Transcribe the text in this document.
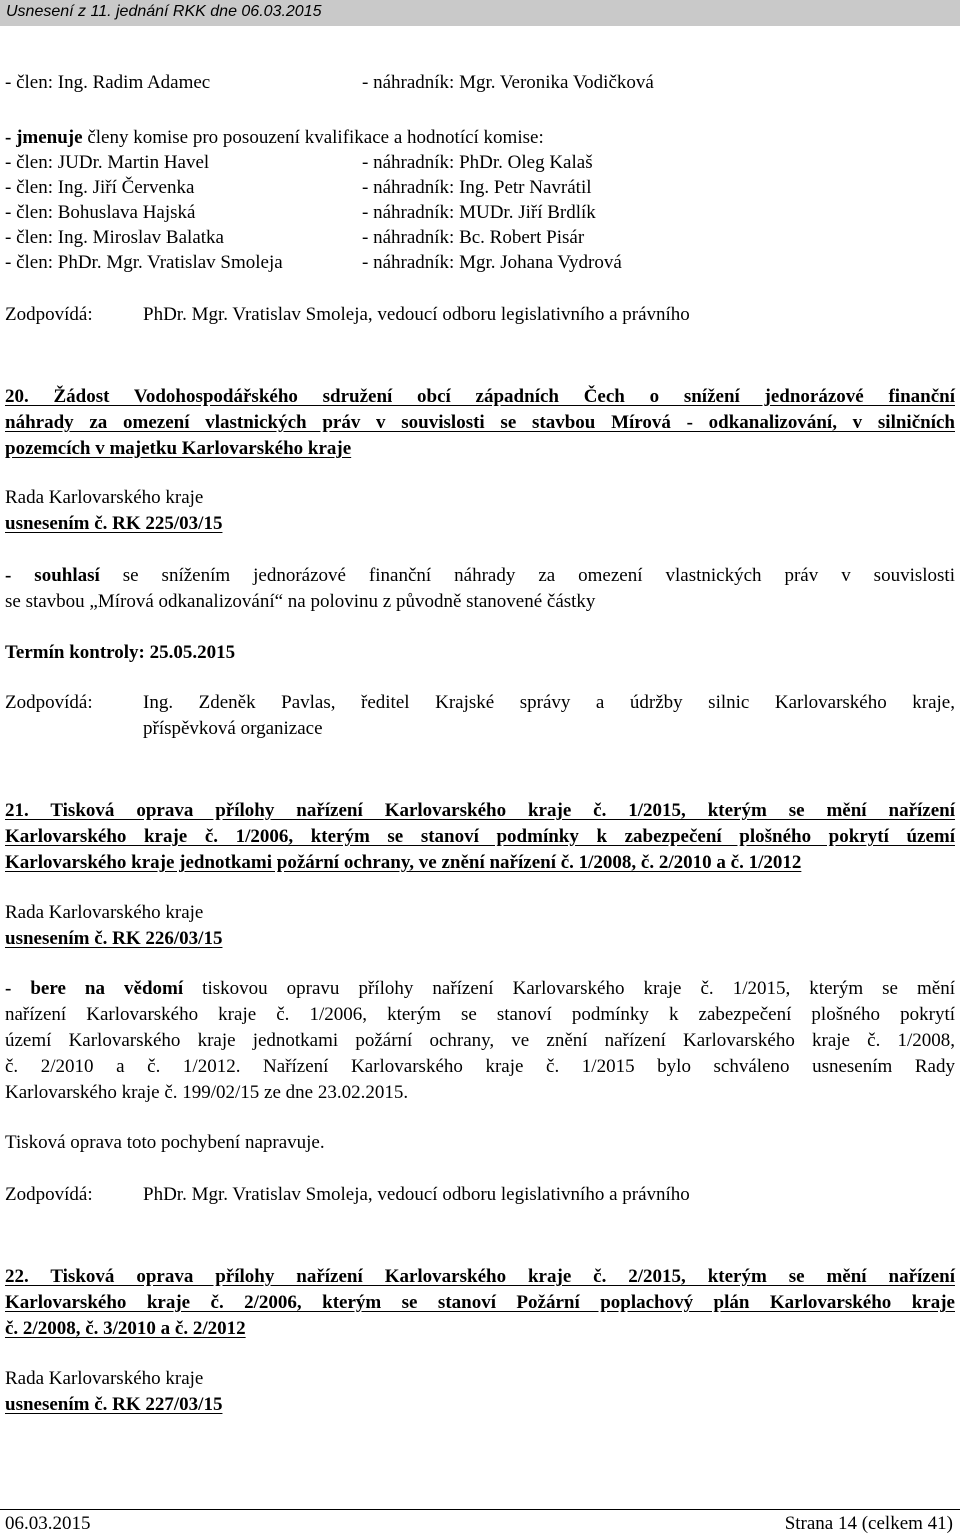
Usnesení z 11. jednání RKK dne 06.03.2015
- člen: Ing. Radim Adamec	- náhradník: Mgr. Veronika Vodičková
- jmenuje členy komise pro posouzení kvalifikace a hodnotící komise:
- člen: JUDr. Martin Havel	- náhradník: PhDr. Oleg Kalaš
- člen: Ing. Jiří Červenka	- náhradník: Ing. Petr Navrátil
- člen: Bohuslava Hajská	- náhradník: MUDr. Jiří Brdlík
- člen: Ing. Miroslav Balatka	- náhradník: Bc. Robert Pisár
- člen: PhDr. Mgr. Vratislav Smoleja	- náhradník: Mgr. Johana Vydrová
Zodpovídá:	PhDr. Mgr. Vratislav Smoleja, vedoucí odboru legislativního a právního
20. Žádost Vodohospodářského sdružení obcí západních Čech o snížení jednorázové finanční
náhrady za omezení vlastnických práv v souvislosti se stavbou Mírová - odkanalizování, v silničních
pozemcích v majetku Karlovarského kraje
Rada Karlovarského kraje
usnesením č. RK 225/03/15
- souhlasí se snížením jednorázové finanční náhrady za omezení vlastnických práv v souvislosti
se stavbou „Mírová odkanalizování“ na polovinu z původně stanovené částky
Termín kontroly: 25.05.2015
Zodpovídá:	Ing. Zdeněk Pavlas, ředitel Krajské správy a údržby silnic Karlovarského kraje,
příspěvková organizace
21. Tisková oprava přílohy nařízení Karlovarského kraje č. 1/2015, kterým se mění nařízení
Karlovarského kraje č. 1/2006, kterým se stanoví podmínky k zabezpečení plošného pokrytí území
Karlovarského kraje jednotkami požární ochrany, ve znění nařízení č. 1/2008, č. 2/2010 a č. 1/2012
Rada Karlovarského kraje
usnesením č. RK 226/03/15
- bere na vědomí tiskovou opravu přílohy nařízení Karlovarského kraje č. 1/2015, kterým se mění
nařízení Karlovarského kraje č. 1/2006, kterým se stanoví podmínky k zabezpečení plošného pokrytí
území Karlovarského kraje jednotkami požární ochrany, ve znění nařízení Karlovarského kraje č. 1/2008,
č. 2/2010 a č. 1/2012. Nařízení Karlovarského kraje č. 1/2015 bylo schváleno usnesením Rady
Karlovarského kraje č. 199/02/15 ze dne 23.02.2015.
Tisková oprava toto pochybení napravuje.
Zodpovídá:	PhDr. Mgr. Vratislav Smoleja, vedoucí odboru legislativního a právního
22. Tisková oprava přílohy nařízení Karlovarského kraje č. 2/2015, kterým se mění nařízení
Karlovarského kraje č. 2/2006, kterým se stanoví Požární poplachový plán Karlovarského kraje
č. 2/2008, č. 3/2010 a č. 2/2012
Rada Karlovarského kraje
usnesením č. RK 227/03/15
06.03.2015	Strana 14 (celkem 41)
